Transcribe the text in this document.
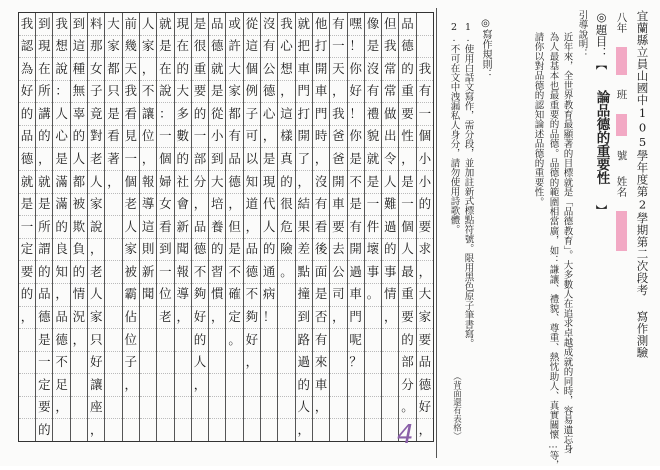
宜蘭縣立員山國中105學年度第2學期第二次段考 寫作測驗
八年  班  號 姓名
◎題目：【 論品德的重要性 】
引導說明：
近年來，全世界教育最顯著的目標就是「品德教育」。大多數人在追求卓越成就的同時，容易遺忘身
為人最基本也最重要的品德。品德的範圍相當廣，如：謙讓、禮貌、尊重、熱忱助人、真實關懷…等，
請你以對品德的認知論述品德的重要性。
◎寫作規則：
1.使用白話文寫作，需分段，並加註新式標點符號。限用黑色原子筆書寫。
2.不可在文中洩漏私人身分，請勿使用詩歌體。
（背面還有表格）

我
有
一
個
小
小
的
要
求
，
大
家
要
品
德
好
，
品
德
的
重
要
性
，
是
一
個
人
最
重
要
的
部
分
。
但
我
常
常
做
出
令
人
難
過
的
事
情
，
像
是
沒
有
禮
貌
就
是
一
件
壞
事
。
嘿
！
你
好
！
你
是
不
是
有
開
過
車
門
呢
？
有
一
天
，
我
爸
爸
開
車
要
去
公
司
，
他
打
開
車
門
時
，
沒
有
看
後
面
是
否
有
來
車
，
就
把
車
門
打
開
了
，
結
果
差
點
撞
到
路
過
的
人
，
我
心
想
，
這
樣
真
的
很
危
險
。
沒
有
公
德
心
，
是
現
代
人
的
通
病
！
從
這
個
例
子
可
以
知
道
，
品
德
不
夠
好
，
或
許
大
家
都
有
品
德
，
但
是
不
確
定
。
品
德
就
是
從
小
到
大
培
養
的
習
慣
，
是
很
重
要
的
一
部
分
，
品
德
不
夠
好
的
人
，
現
在
的
大
多
數
的
社
會
新
聞
報
導
，
就
是
在
說
：
一
個
婦
女
看
到
一
位
老
人
家
，
不
讓
位
，
報
導
這
則
新
聞
前
幾
天
我
看
見
一
個
老
人
家
被
霸
佔
位
子
，
大
家
都
只
是
看
著
，
料
那
女
子
竟
對
老
人
家
說
，
老
人
家
只
好
讓
座
，
到
這
種
無
辜
的
人
都
被
欺
負
的
情
況
，
我
想
說
：
人
心
是
滿
滿
的
良
知
，
品
德
不
足
，
到
現
在
所
講
的
，
就
是
所
謂
的
品
德
是
一
定
要
的
我
認
為
好
的
品
德
就
是
一
定
要
的
，
4
